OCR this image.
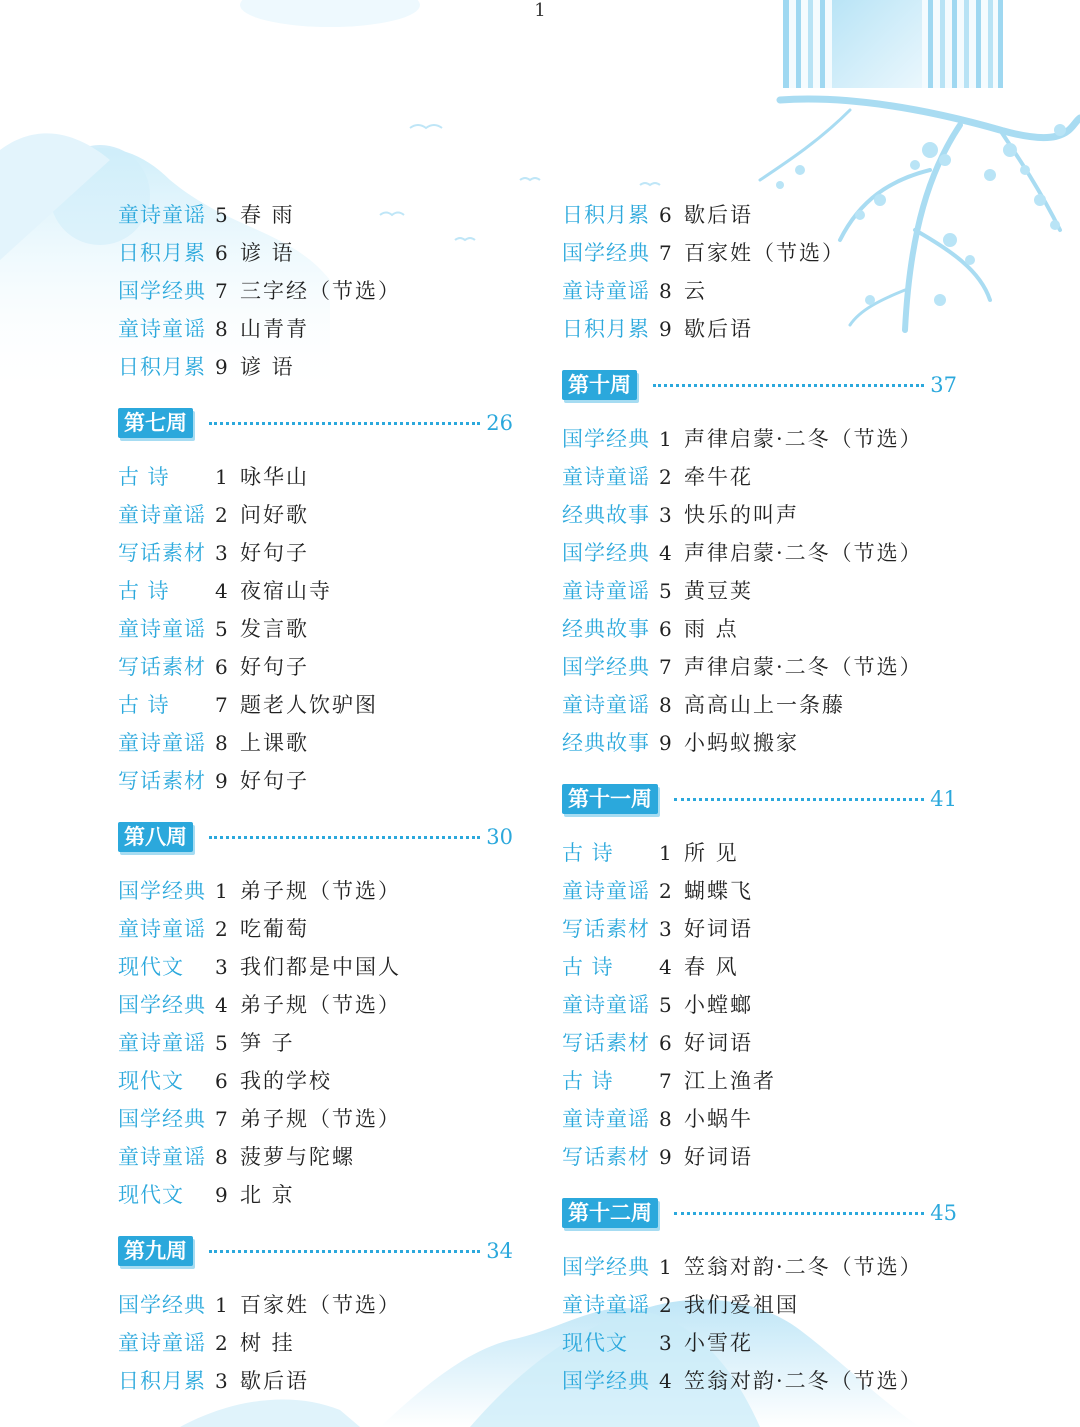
1
童诗童谣 5 春 雨
日积月累 6 谚 语
国学经典 7 三字经（节选）
童诗童谣 8 山青青
日积月累 9 谚 语
第七周	26
古 诗	1 咏华山
童诗童谣 2 问好歌
写话素材 3 好句子
古 诗	4 夜宿山寺
童诗童谣 5 发言歌
写话素材 6 好句子
古 诗	7 题老人饮驴图
童诗童谣 8 上课歌
写话素材 9 好句子
第八周	30
国学经典 1 弟子规（节选）
童诗童谣 2 吃葡萄
现代文	3 我们都是中国人
国学经典 4 弟子规（节选）
童诗童谣 5 笋 子
现代文	6 我的学校
国学经典 7 弟子规（节选）
童诗童谣 8 菠萝与陀螺
现代文	9 北 京
第九周	34
国学经典 1 百家姓（节选）
童诗童谣 2 树 挂
日积月累 3 歇后语
日积月累 6 歇后语
国学经典 7 百家姓（节选）
童诗童谣 8 云
日积月累 9 歇后语
第十周	37
国学经典 1 声律启蒙·二冬（节选）
童诗童谣 2 牵牛花
经典故事 3 快乐的叫声
国学经典 4 声律启蒙·二冬（节选）
童诗童谣 5 黄豆荚
经典故事 6 雨 点
国学经典 7 声律启蒙·二冬（节选）
童诗童谣 8 高高山上一条藤
经典故事 9 小蚂蚁搬家
第十一周	41
古 诗	1 所 见
童诗童谣 2 蝴蝶飞
写话素材 3 好词语
古 诗	4 春 风
童诗童谣 5 小螳螂
写话素材 6 好词语
古 诗	7 江上渔者
童诗童谣 8 小蜗牛
写话素材 9 好词语
第十二周	45
国学经典 1 笠翁对韵·二冬（节选）
童诗童谣 2 我们爱祖国
现代文	3 小雪花
国学经典 4 笠翁对韵·二冬（节选）
